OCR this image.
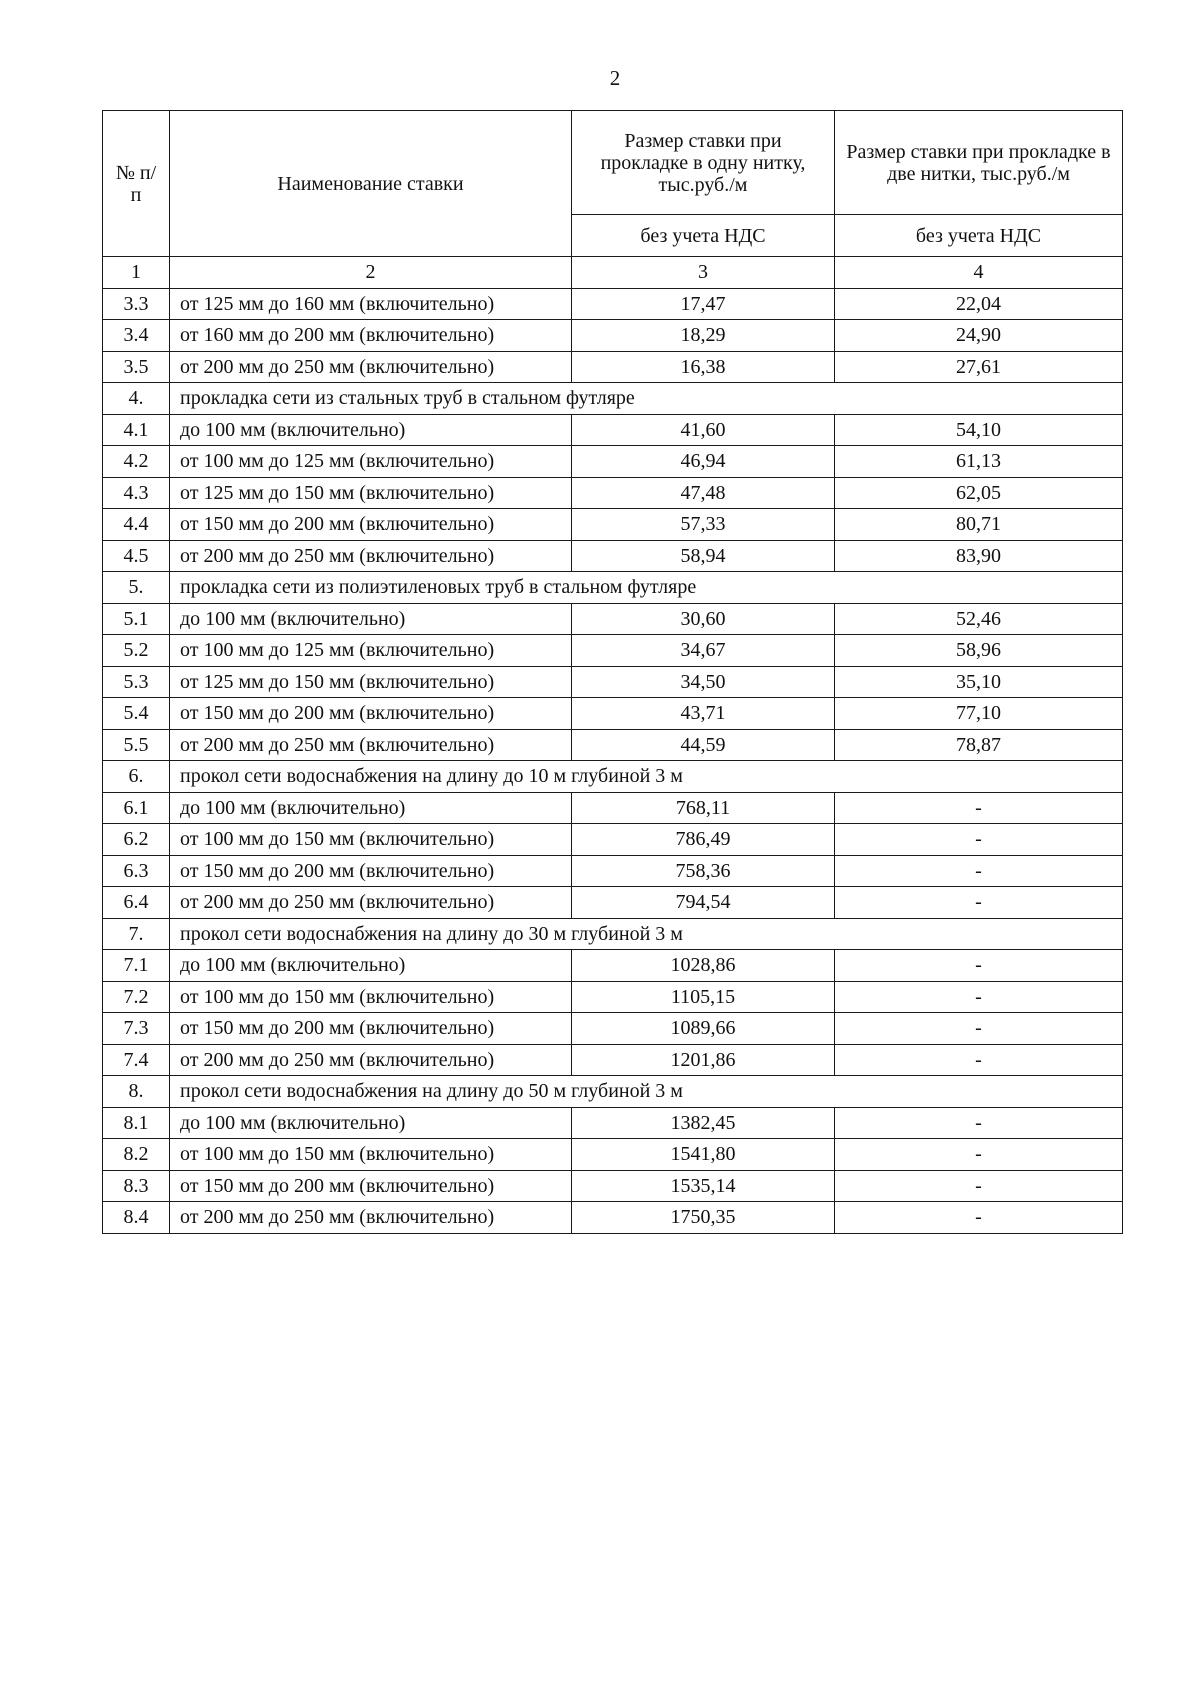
2
№ п/п	Наименование ставки	Размер ставки при прокладке в одну нитку, тыс.руб./м	Размер ставки при прокладке в две нитки, тыс.руб./м
		без учета НДС	без учета НДС
1	2	3	4
3.3	от 125 мм до 160 мм (включительно)	17,47	22,04
3.4	от 160 мм до 200 мм (включительно)	18,29	24,90
3.5	от 200 мм до 250 мм (включительно)	16,38	27,61
4.	прокладка сети из стальных труб в стальном футляре		
4.1	до 100 мм (включительно)	41,60	54,10
4.2	от 100 мм до 125 мм (включительно)	46,94	61,13
4.3	от 125 мм до 150 мм (включительно)	47,48	62,05
4.4	от 150 мм до 200 мм (включительно)	57,33	80,71
4.5	от 200 мм до 250 мм (включительно)	58,94	83,90
5.	прокладка сети из полиэтиленовых труб в стальном футляре		
5.1	до 100 мм (включительно)	30,60	52,46
5.2	от 100 мм до 125 мм (включительно)	34,67	58,96
5.3	от 125 мм до 150 мм (включительно)	34,50	35,10
5.4	от 150 мм до 200 мм (включительно)	43,71	77,10
5.5	от 200 мм до 250 мм (включительно)	44,59	78,87
6.	прокол сети водоснабжения на длину до 10 м глубиной 3 м		
6.1	до 100 мм (включительно)	768,11	-
6.2	от 100 мм до 150 мм (включительно)	786,49	-
6.3	от 150 мм до 200 мм (включительно)	758,36	-
6.4	от 200 мм до 250 мм (включительно)	794,54	-
7.	прокол сети водоснабжения на длину до 30 м глубиной 3 м		
7.1	до 100 мм (включительно)	1028,86	-
7.2	от 100 мм до 150 мм (включительно)	1105,15	-
7.3	от 150 мм до 200 мм (включительно)	1089,66	-
7.4	от 200 мм до 250 мм (включительно)	1201,86	-
8.	прокол сети водоснабжения на длину до 50 м глубиной 3 м		
8.1	до 100 мм (включительно)	1382,45	-
8.2	от 100 мм до 150 мм (включительно)	1541,80	-
8.3	от 150 мм до 200 мм (включительно)	1535,14	-
8.4	от 200 мм до 250 мм (включительно)	1750,35	-
